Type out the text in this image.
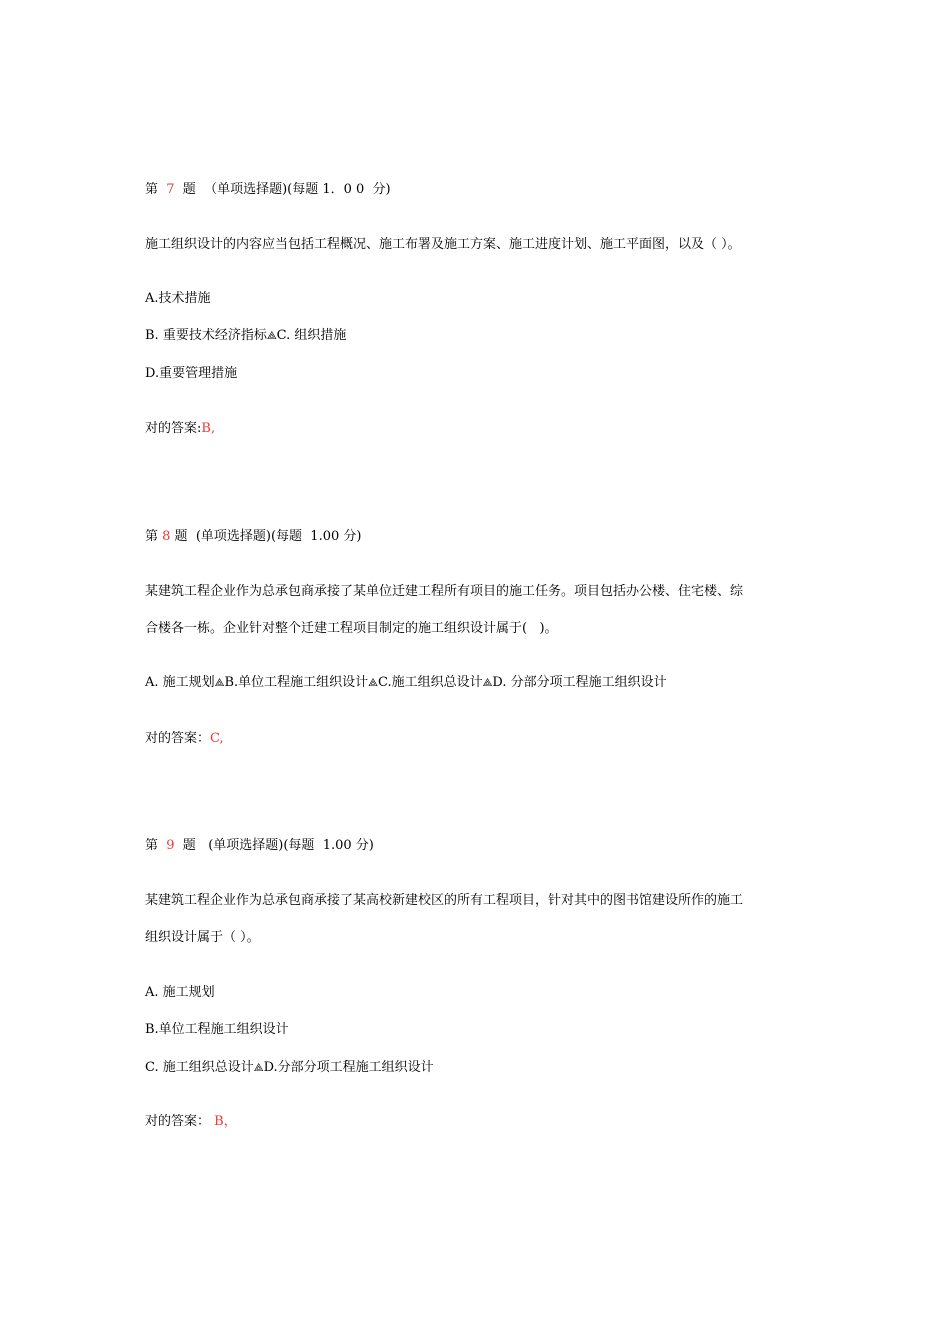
第  7  题  （单项选择题)(每题 1．0 0  分)
施工组织设计的内容应当包括工程概况、施工布署及施工方案、施工进度计划、施工平面图，以及（ ）。
A.技术措施
B. 重要技术经济指标⟁C. 组织措施
D.重要管理措施
对的答案:B,
第 8 题  (单项选择题)(每题  1.00 分)
某建筑工程企业作为总承包商承接了某单位迁建工程所有项目的施工任务。项目包括办公楼、住宅楼、综
合楼各一栋。企业针对整个迁建工程项目制定的施工组织设计属于(   )。
A. 施工规划⟁B.单位工程施工组织设计⟁C.施工组织总设计⟁D. 分部分项工程施工组织设计
对的答案：C,
第  9  题   (单项选择题)(每题  1.00 分)
某建筑工程企业作为总承包商承接了某高校新建校区的所有工程项目，针对其中的图书馆建设所作的施工
组织设计属于（ ）。
A. 施工规划
B.单位工程施工组织设计
C. 施工组织总设计⟁D.分部分项工程施工组织设计
对的答案： B，
